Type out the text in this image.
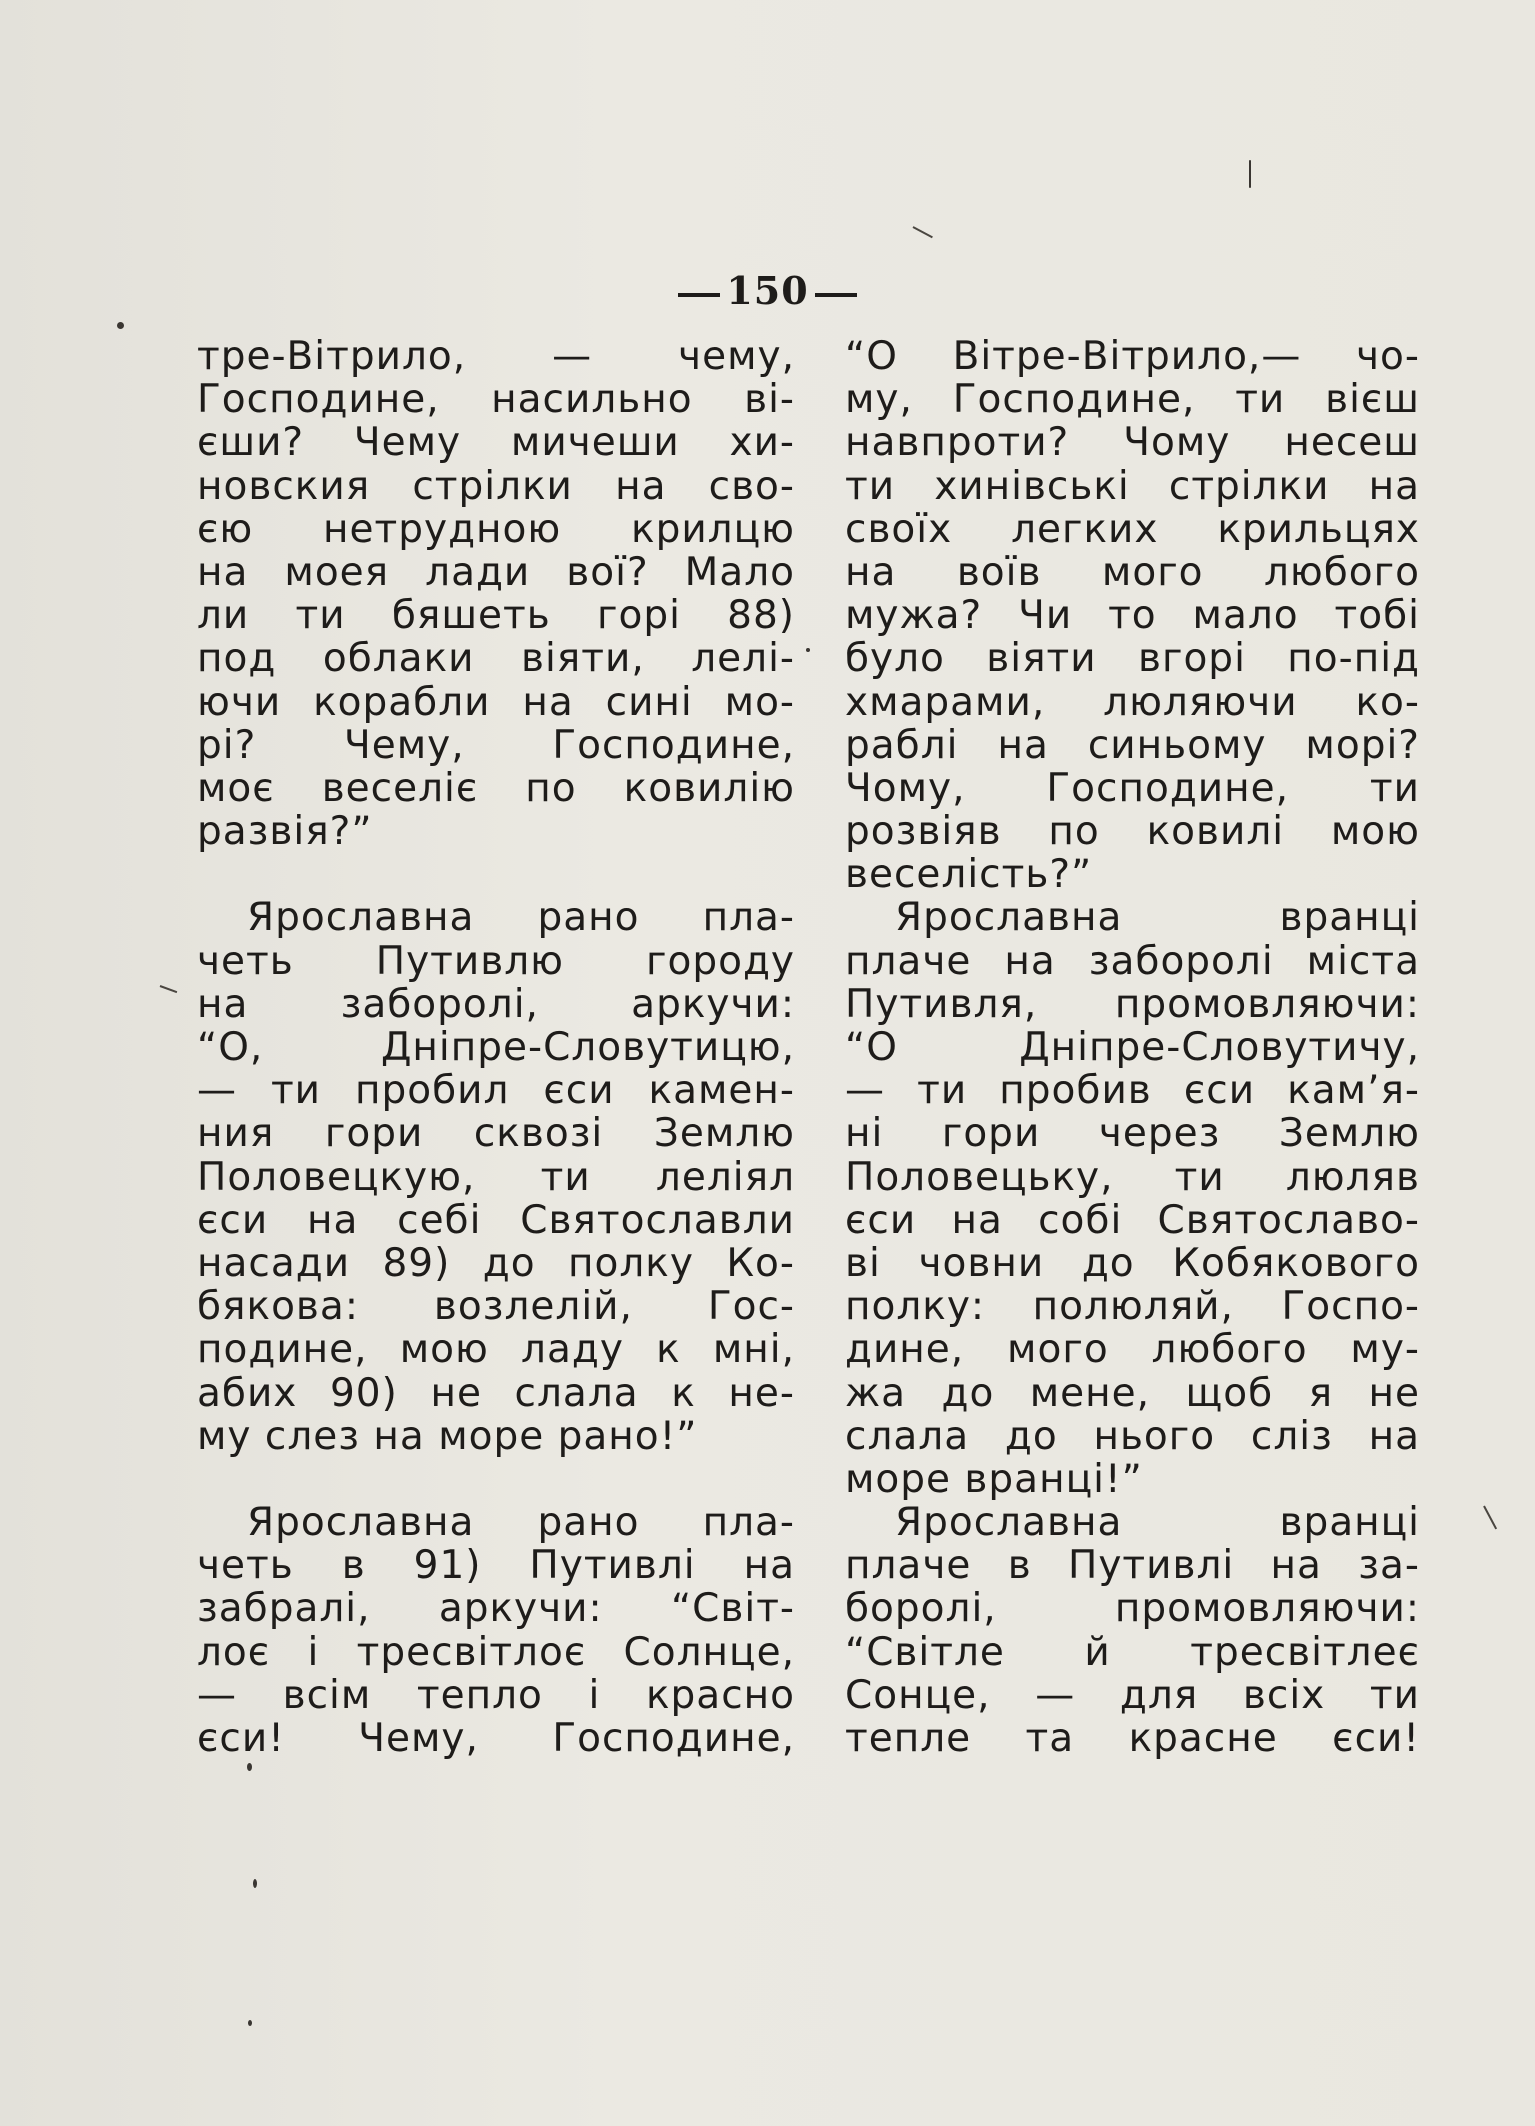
150
тре-Вітрило, — чему,
Господине, насильно ві-
єши? Чему мичеши хи-
новския стрілки на сво-
єю нетрудною крилцю
на моея лади вої? Мало
ли ти бяшеть горі 88)
под облаки віяти, лелі-
ючи корабли на сині мо-
рі? Чему, Господине,
моє веселіє по ковилію
развія?”
Ярославна рано пла-
четь Путивлю городу
на заборолі, аркучи:
“О, Дніпре-Словутицю,
— ти пробил єси камен-
ния гори сквозі Землю
Половецкую, ти леліял
єси на себі Святославли
насади 89) до полку Ко-
бякова: возлелій, Гос-
подине, мою ладу к мні,
абих 90) не слала к не-
му слез на море рано!”
Ярославна рано пла-
четь в 91) Путивлі на
забралі, аркучи: “Світ-
лоє і тресвітлоє Солнце,
— всім тепло і красно
єси! Чему, Господине,
“О Вітре-Вітрило,— чо-
му, Господине, ти вієш
навпроти? Чому несеш
ти хинівські стрілки на
своїх легких крильцях
на воїв мого любого
мужа? Чи то мало тобі
було віяти вгорі по-під
хмарами, люляючи ко-
раблі на синьому морі?
Чому, Господине, ти
розвіяв по ковилі мою
веселість?”
Ярославна вранці
плаче на заборолі міста
Путивля, промовляючи:
“О Дніпре-Словутичу,
— ти пробив єси кам’я-
ні гори через Землю
Половецьку, ти люляв
єси на собі Святославо-
ві човни до Кобякового
полку: полюляй, Госпо-
дине, мого любого му-
жа до мене, щоб я не
слала до нього сліз на
море вранці!”
Ярославна вранці
плаче в Путивлі на за-
боролі, промовляючи:
“Світле й тресвітлеє
Сонце, — для всіх ти
тепле та красне єси!
